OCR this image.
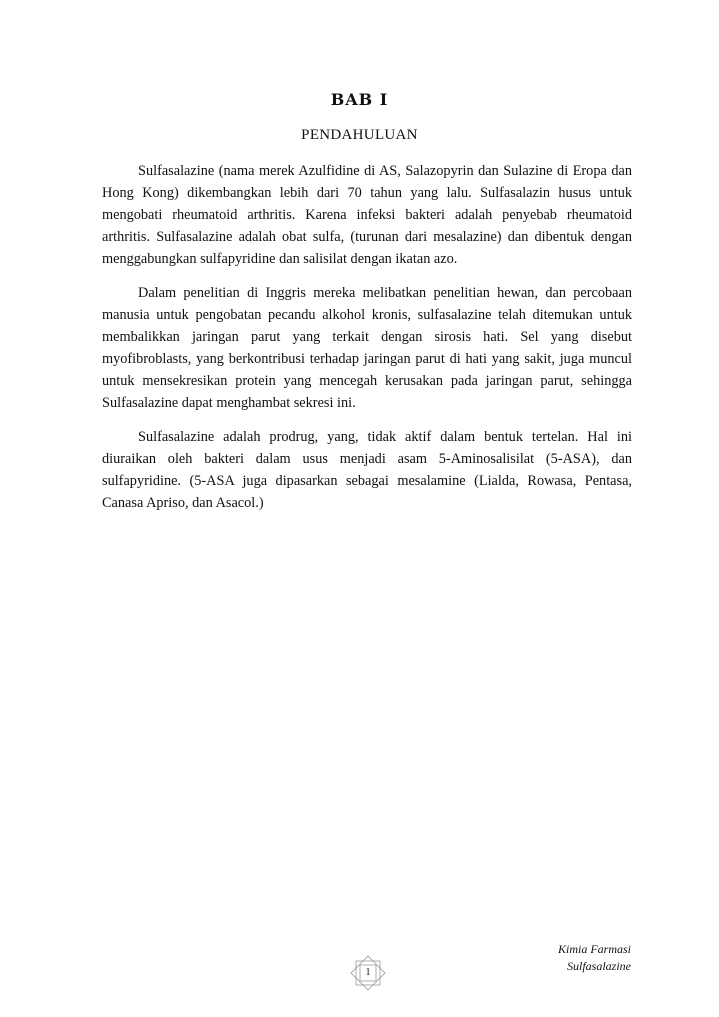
BAB I
PENDAHULUAN

Sulfasalazine (nama merek Azulfidine di AS, Salazopyrin dan Sulazine di Eropa dan Hong Kong) dikembangkan lebih dari 70 tahun yang lalu. Sulfasalazin husus untuk mengobati rheumatoid arthritis. Karena infeksi bakteri adalah penyebab rheumatoid arthritis. Sulfasalazine adalah obat sulfa, (turunan dari mesalazine) dan dibentuk dengan menggabungkan sulfapyridine dan salisilat dengan ikatan azo.

Dalam penelitian di Inggris mereka melibatkan penelitian hewan, dan percobaan manusia untuk pengobatan pecandu alkohol kronis, sulfasalazine telah ditemukan untuk membalikkan jaringan parut yang terkait dengan sirosis hati. Sel yang disebut myofibroblasts, yang berkontribusi terhadap jaringan parut di hati yang sakit, juga muncul untuk mensekresikan protein yang mencegah kerusakan pada jaringan parut, sehingga Sulfasalazine dapat menghambat sekresi ini.

Sulfasalazine adalah prodrug, yang, tidak aktif dalam bentuk tertelan. Hal ini diuraikan oleh bakteri dalam usus menjadi asam 5-Aminosalisilat (5-ASA), dan sulfapyridine. (5-ASA juga dipasarkan sebagai mesalamine (Lialda, Rowasa, Pentasa, Canasa Apriso, dan Asacol.)

Kimia Farmasi
Sulfasalazine
1
